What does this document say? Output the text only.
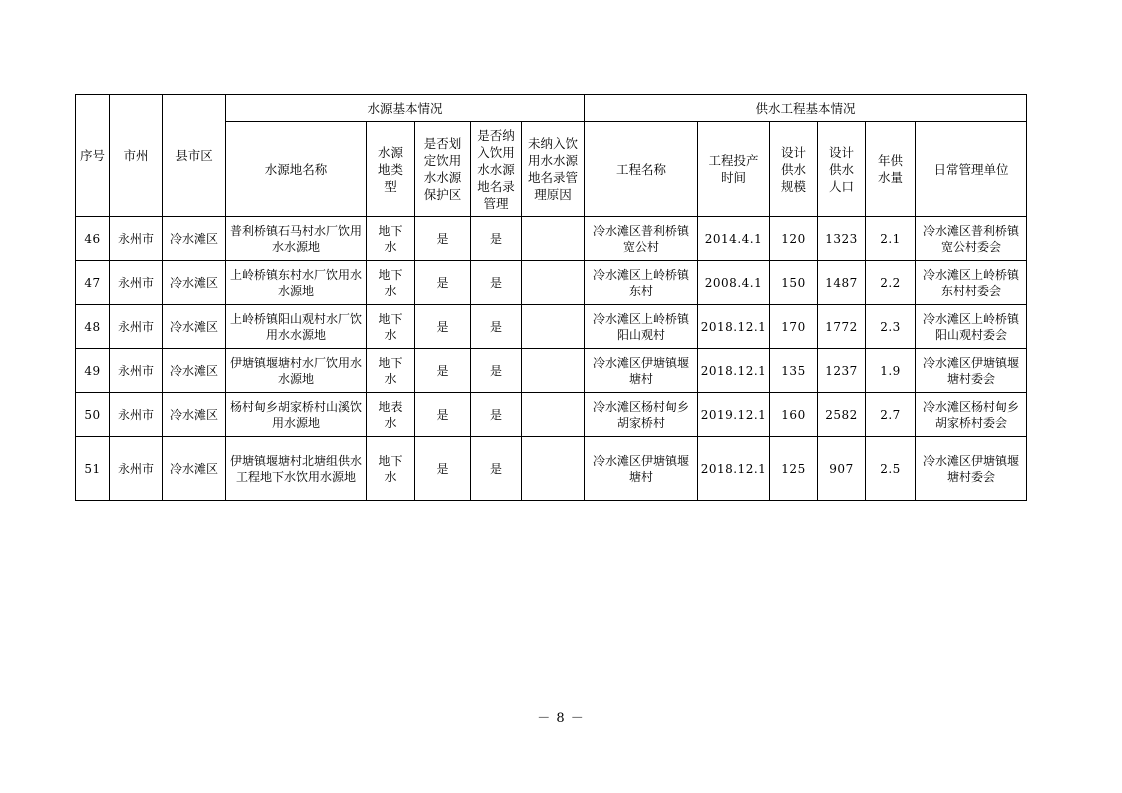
序号	市州	县市区	水源基本情况					供水工程基本情况					
			水源地名称	水源地类型	是否划定饮用水水源保护区	是否纳入饮用水水源地名录管理	未纳入饮用水水源地名录管理原因	工程名称	工程投产时间	设计供水规模	设计供水人口	年供水量	日常管理单位
46	永州市	冷水滩区	普利桥镇石马村水厂饮用水水源地	地下水	是	是		冷水滩区普利桥镇宽公村	2014.4.1	120	1323	2.1	冷水滩区普利桥镇宽公村委会
47	永州市	冷水滩区	上岭桥镇东村水厂饮用水水源地	地下水	是	是		冷水滩区上岭桥镇东村	2008.4.1	150	1487	2.2	冷水滩区上岭桥镇东村村委会
48	永州市	冷水滩区	上岭桥镇阳山观村水厂饮用水水源地	地下水	是	是		冷水滩区上岭桥镇阳山观村	2018.12.1	170	1772	2.3	冷水滩区上岭桥镇阳山观村委会
49	永州市	冷水滩区	伊塘镇堰塘村水厂饮用水水源地	地下水	是	是		冷水滩区伊塘镇堰塘村	2018.12.1	135	1237	1.9	冷水滩区伊塘镇堰塘村委会
50	永州市	冷水滩区	杨村甸乡胡家桥村山溪饮用水源地	地表水	是	是		冷水滩区杨村甸乡胡家桥村	2019.12.1	160	2582	2.7	冷水滩区杨村甸乡胡家桥村委会
51	永州市	冷水滩区	伊塘镇堰塘村北塘组供水工程地下水饮用水源地	地下水	是	是		冷水滩区伊塘镇堰塘村	2018.12.1	125	907	2.5	冷水滩区伊塘镇堰塘村委会
－ 8 －
